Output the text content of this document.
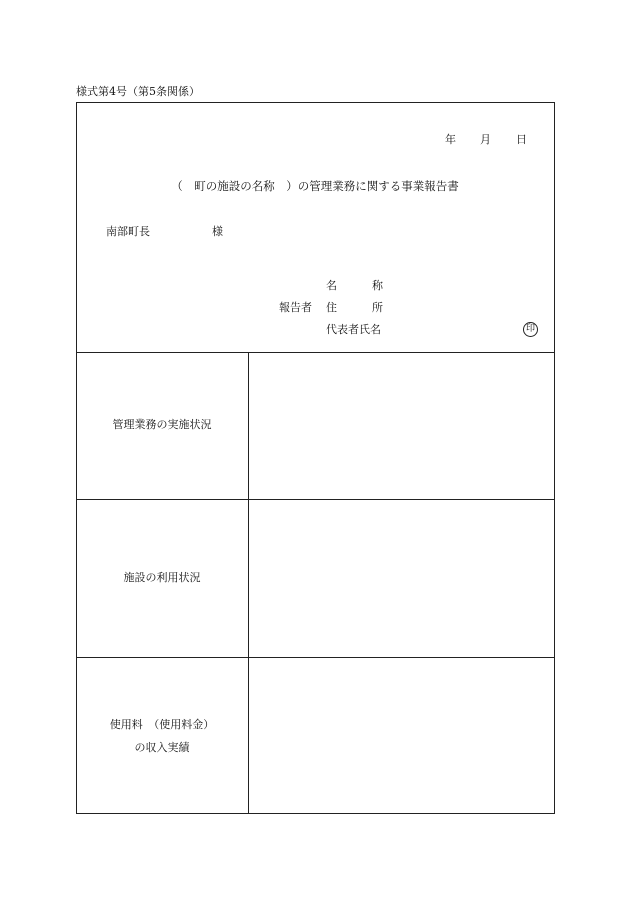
様式第4号（第5条関係）
年 月 日
（　町の施設の名称　）の管理業務に関する事業報告書
南部町長	様
名	称
報告者 住	所
代表者氏名	印
管理業務の実施状況
施設の利用状況
使用料　（使用料金）
の収入実績
